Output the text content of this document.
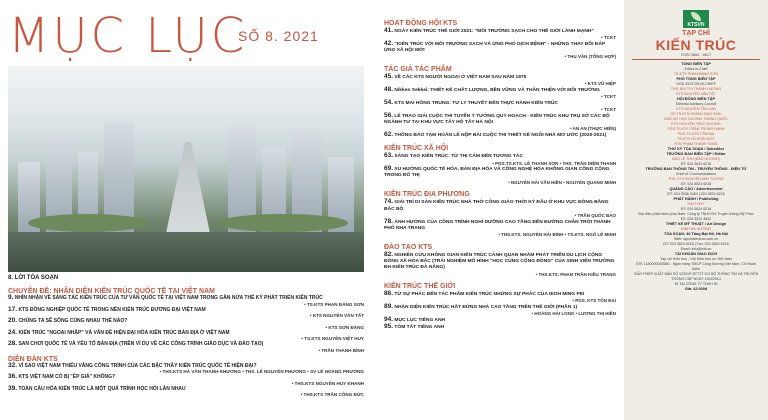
MỤC LỤC
SỐ 8. 2021
8. LỜI TÒA SOẠN
CHUYÊN ĐỀ: NHẬN DIỆN KIẾN TRÚC QUỐC TẾ TẠI VIỆT NAM
9. NHÌN NHẬN VỀ SÁNG TÁC KIẾN TRÚC CỦA TƯ VẤN QUỐC TẾ TẠI VIỆT NAM TRONG GẦN NỬA THẾ KỶ PHÁT TRIỂN KIẾN TRÚC
• TS.KTS PHAN ĐĂNG SƠN
17. KTS ĐỒNG NGHIỆP QUỐC TẾ TRONG NỀN KIẾN TRÚC ĐƯƠNG ĐẠI VIỆT NAM
• KTS NGUYỄN VĂN TẤT
20. CHÚNG TA SẼ SỐNG CÙNG NHAU THẾ NÀO?
• KTS SƠN ĐẶNG
24. KIẾN TRÚC "NGOẠI NHẬP" VÀ VẤN ĐỀ HIỆN ĐẠI HÓA KIẾN TRÚC BẢN ĐỊA Ở VIỆT NAM
• TS.KTS NGUYỄN VIỆT HUY
28. SAN CHƠI QUỐC TẾ VÀ YẾU TỐ BẢN ĐỊA (TRÊN VÍ DỤ VỀ CÁC CÔNG TRÌNH GIÁO DỤC VÀ ĐÀO TẠO)
• TRẦN THANH BÌNH
DIỄN ĐÀN KTS
32. VÌ SAO VIỆT NAM THIẾU VẮNG CÔNG TRÌNH CỦA CÁC BẬC THẦY KIẾN TRÚC QUỐC TẾ HIỆN ĐẠI?
• THS.KTS HÀ VĂN THANH KHƯƠNG • THS. LÊ NGUYỄN PHƯƠNG • SV LÊ HOÀNG PHƯƠNG
36. KTS VIỆT NAM CÓ BỊ "ÉP GIÁ" KHÔNG?
• THS.KTS NGUYỄN HUY KHANH
39. TOÀN CẦU HÓA KIẾN TRÚC LÀ MỘT QUÁ TRÌNH HỌC HỎI LẪN NHAU
• THS.KTS TRẦN CÔNG ĐỨC
HOẠT ĐỘNG HỘI KTS
41. NGÀY KIẾN TRÚC THẾ GIỚI 2021: "MÔI TRƯỜNG SẠCH CHO THẾ GIỚI LÀNH MẠNH"
• TCKT
42. "KIẾN TRÚC VỚI MÔI TRƯỜNG SẠCH VÀ ỨNG PHÓ DỊCH BỆNH" - NHỮNG THAY ĐỔI ĐÁP ỨNG XÃ HỘI MỚI
• THU VÂN (TỔNG HỢP)
TÁC GIẢ TÁC PHẨM
45. VỀ CÁC KTS NGƯỜI NGOẠI Ở VIỆT NAM SAU NĂM 1975
• KTS VŨ HIỆP
48. Nikken Sekkei: THIẾT KẾ CHẤT LƯỢNG, BỀN VỮNG VÀ THÂN THIỆN VỚI MÔI TRƯỜNG
• TCKT
54. KTS MAI HỒNG TRUNG: TƯ LY THUYẾT ĐẾN THỰC HÀNH KIẾN TRÚC
• TCKT
56. LÊ TRAO GIẢI CUỘC THI TUYỂN Ý TƯỞNG QUY HOẠCH - KIẾN TRÚC KHU TRỤ SỞ CÁC BỘ NGÀNH TƯ TẠI KHU VỰC TÂY HỒ TÂY HÀ NỘI
• AN AN (THỰC HIỆN)
62. THÔNG BÁO TẠM HOÃN LỄ NỘP BÀI CUỘC THI THIẾT KẾ NGÔI NHÀ MƠ ƯỚC (2020-2021)
KIẾN TRÚC XÃ HỘI
63. SÁNG TẠO KIẾN TRÚC: TỪ THỊ CẢM ĐẾN TƯƠNG TÁC
• PGS.TS.KTS. LÊ THANH SƠN • THS. TRẦN DIỆM THANH
69. XU HƯỚNG QUỐC TẾ HÓA, BẢN ĐỊA HÓA VÀ CÔNG NGHỆ HÓA KHÔNG GIAN CÔNG CỘNG TRONG ĐÔ THỊ
• NGUYỄN HẢI VÂN HIỀN • NGUYỄN QUANG MINH
KIẾN TRÚC ĐỊA PHƯƠNG
74. GIẢI TRÍ DI SẢN KIẾN TRÚC NHÀ THỜ CÔNG GIÁO THỜI KỲ ĐẦU Ở KHU VỰC ĐỒNG BẰNG BẮC BỘ
• TRẦN QUỐC BẢO
78. ẢNH HƯỞNG CỦA CÔNG TRÌNH NGHỈ DƯỠNG CAO TẦNG ĐẾN ĐƯỜNG CHÂN TRỜI THÀNH PHỐ NHA TRANG
• THS.KTS. NGUYỄN HẢI BÌNH • TS.KTS. NGÔ LÊ MINH
ĐÀO TẠO KTS
82. NGHIÊN CỨU KHÔNG GIAN KIẾN TRÚC CẢNH QUAN NHẰM PHÁT TRIỂN DU LỊCH CỘNG ĐỒNG XÃ HÒA BẮC (TRẢI NGHIỆM MÔ HÌNH "HỌC CÙNG CỘNG ĐỒNG" CỦA SINH VIÊN TRƯỜNG ĐH KIẾN TRÚC ĐÀ NẴNG)
• THS.KTS. PHAN TRẦN KIỀU TRANG
KIẾN TRÚC THẾ GIỚI
86. TỪ SỰ PHÁC ĐẾN TÁC PHẨM KIẾN TRÚC NHỮNG SỰ PHÁC CỦA IEOH MING PEI
• PGS. KTS TÔN ĐẠI
89. NHẬN DIỆN KIẾN TRÚC HẤT ĐỨNG NHÀ CAO TẦNG TRÊN THẾ GIỚI (PHẦN 1)
• HOÀNG HẢI LONG • LƯƠNG THỊ HIỀN
94. MỤC LỤC TIẾNG ANH
95. TÓM TẮT TIẾNG ANH
KTSVN
TẠP CHÍ
KIẾN TRÚC
ISSN 0866 - 8617
TỔNG BIÊN TẬP
Editor-in-Chief
TS.KTS PHAN ĐĂNG SƠN
PHÓ TỔNG BIÊN TẬP
VICE-EDITOR-IN-CHIEF
THS. BÙI THỊ THANH HƯƠNG
KTS NGUYỄN VĂN TẤT
HỘI ĐỒNG BIÊN TẬP
Editorial Advisory Council
KTS NGUYỄN TẤN VẠN
GS.TS.KTS HOÀNG ĐẠO KÍNH
NHÀ SỬ HỌC DƯƠNG TRUNG QUỐC
KTS NGUYỄN TRÚC HƯƠNG
PGS.TS.KTS TRẦN TRỌNG HANH
PGS.TS.KTS TÔN ĐẠI
TS.KTS VŨ HOÀI ĐỨC
KTS PHẠM THANH TÙNG
THƯ KÝ TÒA SOẠN / Subeditor
TRƯỞNG BAN BIÊN TẬP / Editor
ĐÀO LỆ THU (ĐÀO HƯƠNG)
ĐT: 024 3824 6218
TRƯỞNG BAN THÔNG TIN - TRUYỀN THÔNG - ĐIỆN TỬ
Chief of Communications
THS. KTS NGUYỄN ANH TƯƠNG
ĐT: 024 3824 6218
QUẢNG CÁO / Advertisement
ĐT: 024 3936 3454 | 024 3824 6218
PHÁT HÀNH / Publishing
KIM THỦY
ĐT: 024 3824 6218
Đại diện phát hành phía Nam: Công ty TNHH DV Truyền thông Mỹ Phúc
ĐT: 028 3922 4842
THIẾT KẾ MỸ THUẬT / Art Design
ĐINH BÁ HƯỞNG
TÒA SOẠN: 40 Tăng Bạt Hổ, Hà Nội
Web: tapchikientruc.com.vn
ĐT: 024 3824 6218 | Fax: 024 3824 6218
Email: info@tckt.vn
TÀI KHOẢN GIAO DỊCH
Tạp chí Kiến trúc - Hội Kiến trúc sư Việt Nam
STK 1180000025580 - Ngân hàng TMCP Công thương Việt Nam, CN Hoàn Kiếm
GIẤY PHÉP XUẤT BẢN SỐ 123/GP-BTTTT DO BỘ THÔNG TIN VÀ TRUYỀN THÔNG CẤP NGÀY 15/4/2014
IN TẠI CÔNG TY TNHH IN
Giá: 42.000đ
